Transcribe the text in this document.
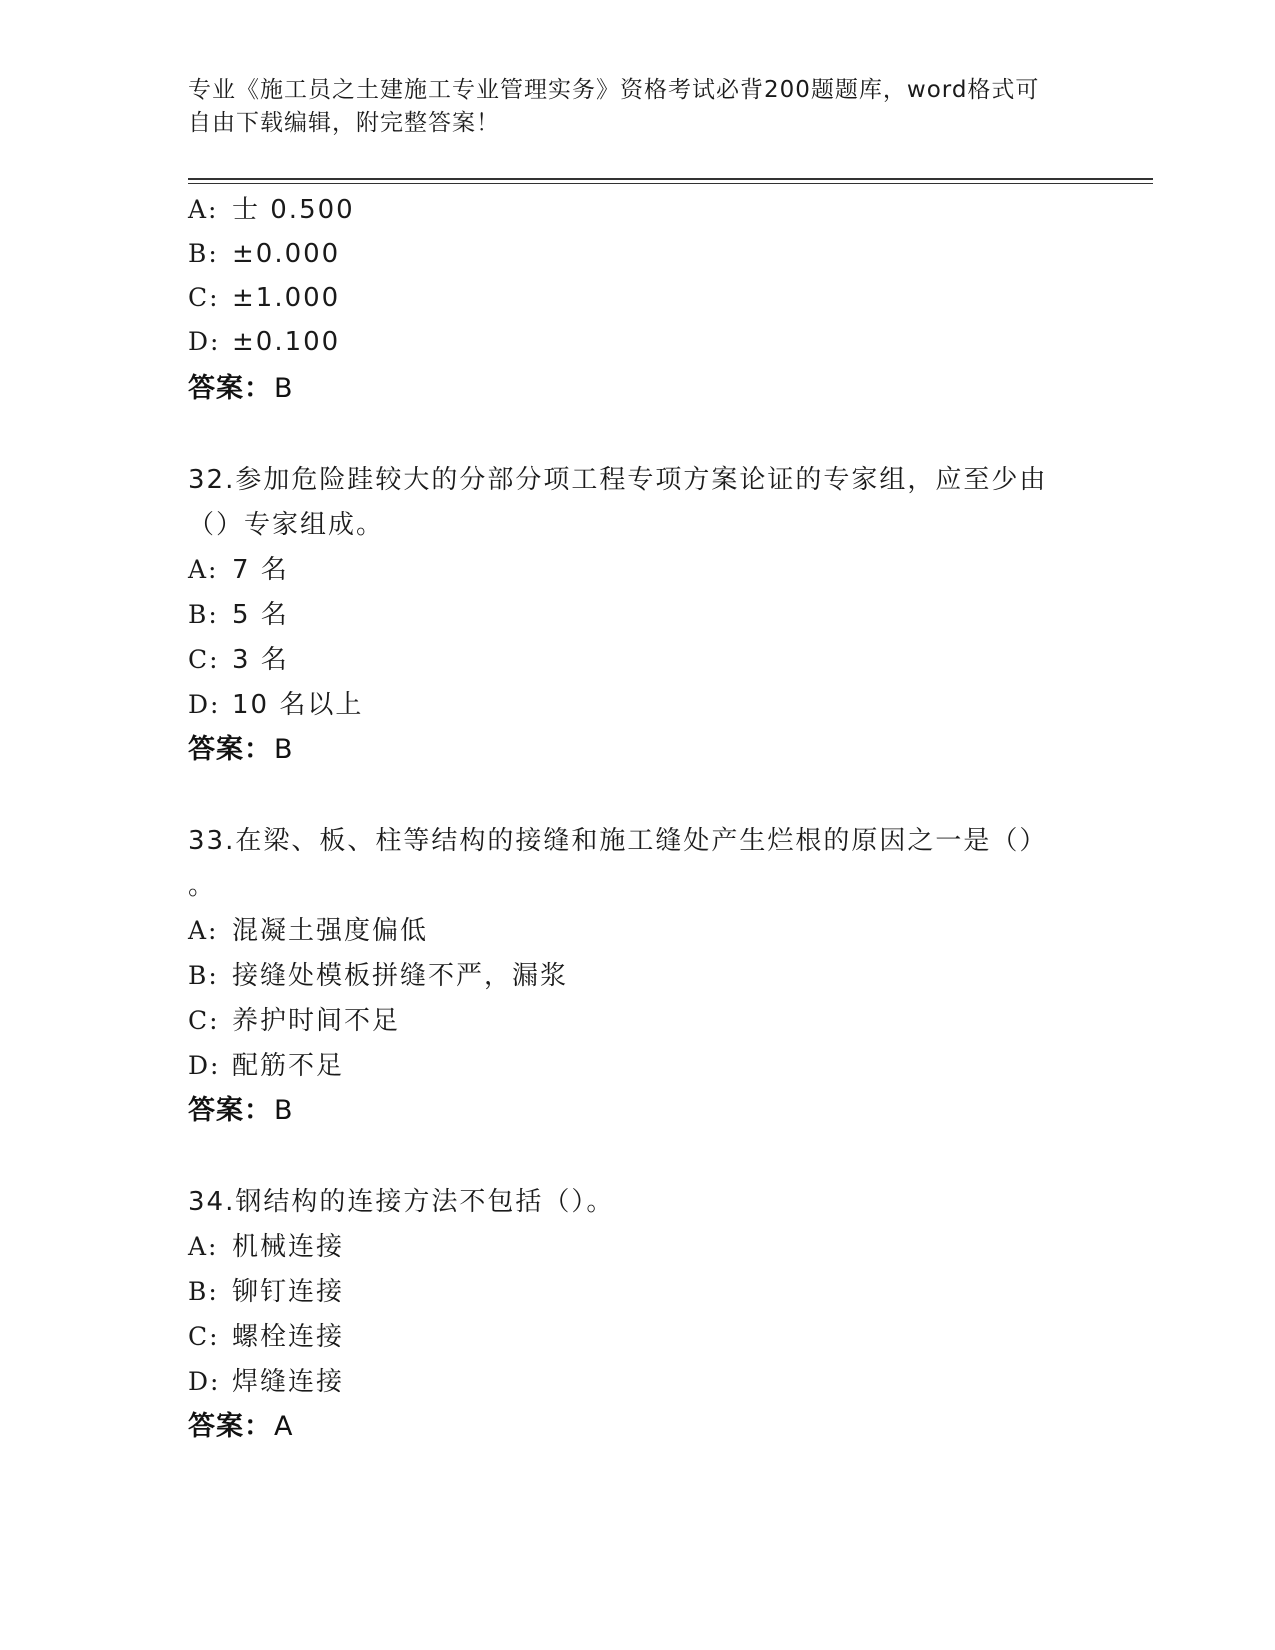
专业《施工员之土建施工专业管理实务》资格考试必背200题题库，word格式可
自由下载编辑，附完整答案！
A: 士 0.500
B: ±0.000
C: ±1.000
D: ±0.100
答案：B
32.参加危险跬较大的分部分项工程专项方案论证的专家组，应至少由
（）专家组成。
A: 7 名
B: 5 名
C: 3 名
D: 10 名以上
答案：B
33.在梁、板、柱等结构的接缝和施工缝处产生烂根的原因之一是（）
。
A: 混凝土强度偏低
B: 接缝处模板拼缝不严，漏浆
C: 养护时间不足
D: 配筋不足
答案：B
34.钢结构的连接方法不包括（）。
A: 机械连接
B: 铆钉连接
C: 螺栓连接
D: 焊缝连接
答案：A
